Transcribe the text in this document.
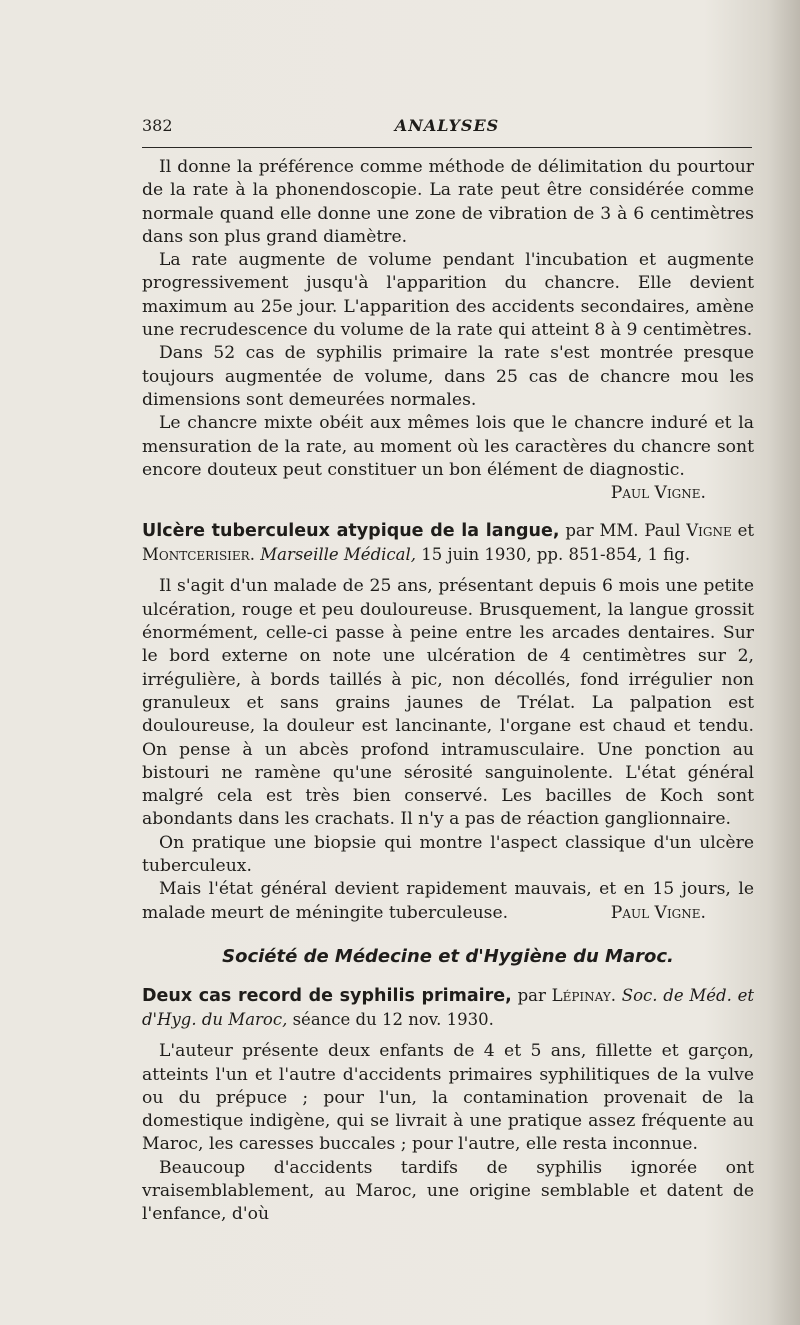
382	ANALYSES

Il donne la préférence comme méthode de délimitation du pourtour de la rate à la phonendoscopie. La rate peut être considérée comme normale quand elle donne une zone de vibration de 3 à 6 centimètres dans son plus grand diamètre.

La rate augmente de volume pendant l'incubation et augmente progressivement jusqu'à l'apparition du chancre. Elle devient maximum au 25e jour. L'apparition des accidents secondaires, amène une recrudescence du volume de la rate qui atteint 8 à 9 centimètres.

Dans 52 cas de syphilis primaire la rate s'est montrée presque toujours augmentée de volume, dans 25 cas de chancre mou les dimensions sont demeurées normales.

Le chancre mixte obéit aux mêmes lois que le chancre induré et la mensuration de la rate, au moment où les caractères du chancre sont encore douteux peut constituer un bon élément de diagnostic.

Paul Vigne.

Ulcère tuberculeux atypique de la langue, par MM. Paul Vigne et Montcerisier. Marseille Médical, 15 juin 1930, pp. 851-854, 1 fig.

Il s'agit d'un malade de 25 ans, présentant depuis 6 mois une petite ulcération, rouge et peu douloureuse. Brusquement, la langue grossit énormément, celle-ci passe à peine entre les arcades dentaires. Sur le bord externe on note une ulcération de 4 centimètres sur 2, irrégulière, à bords taillés à pic, non décollés, fond irrégulier non granuleux et sans grains jaunes de Trélat. La palpation est douloureuse, la douleur est lancinante, l'organe est chaud et tendu. On pense à un abcès profond intramusculaire. Une ponction au bistouri ne ramène qu'une sérosité sanguinolente. L'état général malgré cela est très bien conservé. Les bacilles de Koch sont abondants dans les crachats. Il n'y a pas de réaction ganglionnaire.

On pratique une biopsie qui montre l'aspect classique d'un ulcère tuberculeux.

Mais l'état général devient rapidement mauvais, et en 15 jours, le malade meurt de méningite tuberculeuse.	Paul Vigne.

Société de Médecine et d'Hygiène du Maroc.

Deux cas record de syphilis primaire, par Lépinay. Soc. de Méd. et d'Hyg. du Maroc, séance du 12 nov. 1930.

L'auteur présente deux enfants de 4 et 5 ans, fillette et garçon, atteints l'un et l'autre d'accidents primaires syphilitiques de la vulve ou du prépuce ; pour l'un, la contamination provenait de la domestique indigène, qui se livrait à une pratique assez fréquente au Maroc, les caresses buccales ; pour l'autre, elle resta inconnue.

Beaucoup d'accidents tardifs de syphilis ignorée ont vraisemblablement, au Maroc, une origine semblable et datent de l'enfance, d'où
